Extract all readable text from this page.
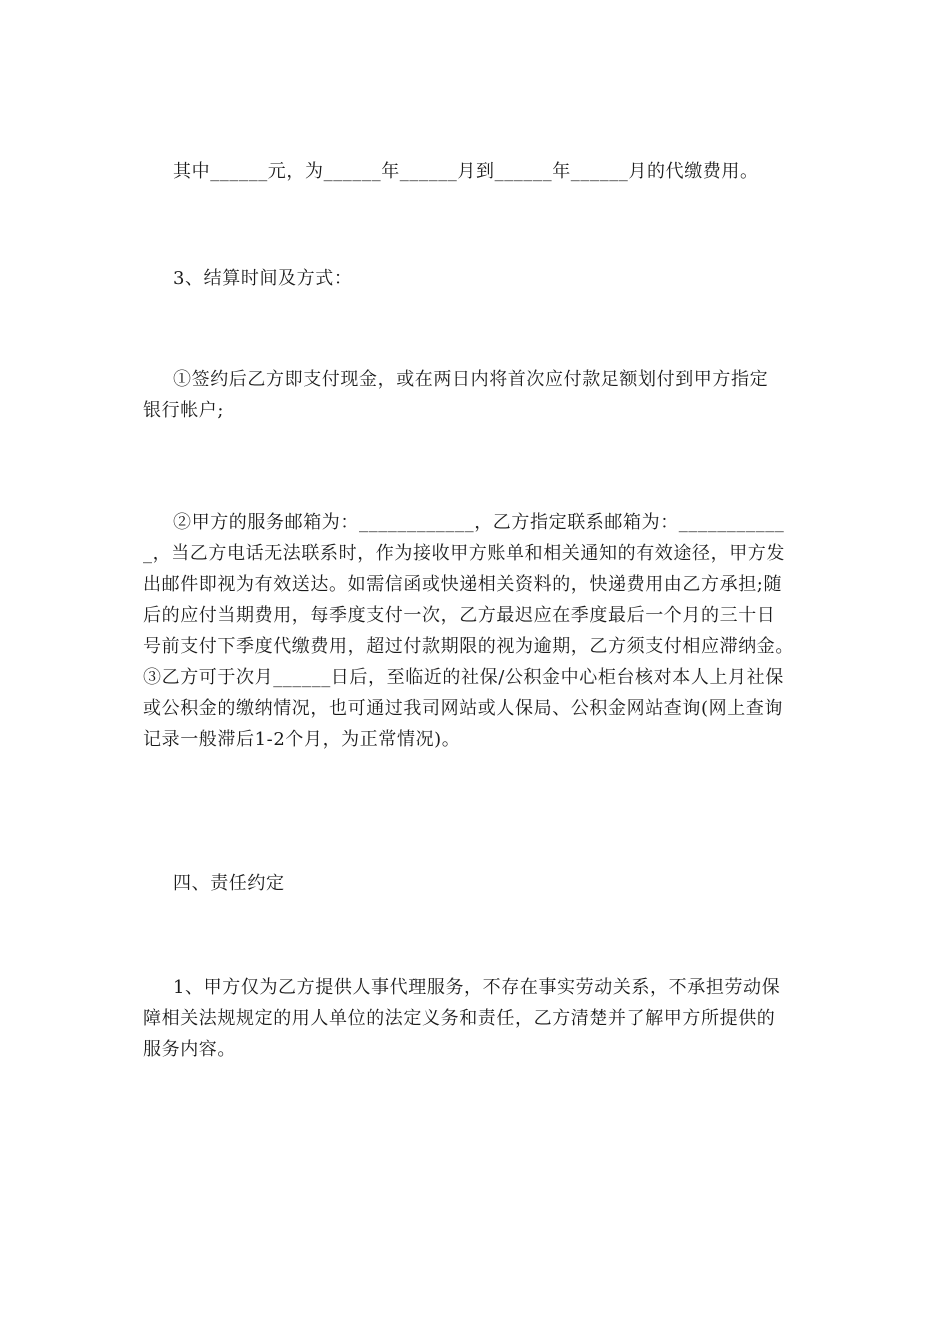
其中______元，为______年______月到______年______月的代缴费用。

3、结算时间及方式：

①签约后乙方即支付现金，或在两日内将首次应付款足额划付到甲方指定
银行帐户;

②甲方的服务邮箱为：____________，乙方指定联系邮箱为：___________
_，当乙方电话无法联系时，作为接收甲方账单和相关通知的有效途径，甲方发
出邮件即视为有效送达。如需信函或快递相关资料的，快递费用由乙方承担;随
后的应付当期费用，每季度支付一次，乙方最迟应在季度最后一个月的三十日
号前支付下季度代缴费用，超过付款期限的视为逾期，乙方须支付相应滞纳金。
③乙方可于次月______日后，至临近的社保/公积金中心柜台核对本人上月社保
或公积金的缴纳情况，也可通过我司网站或人保局、公积金网站查询(网上查询
记录一般滞后1-2个月，为正常情况)。

四、责任约定

1、甲方仅为乙方提供人事代理服务，不存在事实劳动关系，不承担劳动保
障相关法规规定的用人单位的法定义务和责任，乙方清楚并了解甲方所提供的
服务内容。
